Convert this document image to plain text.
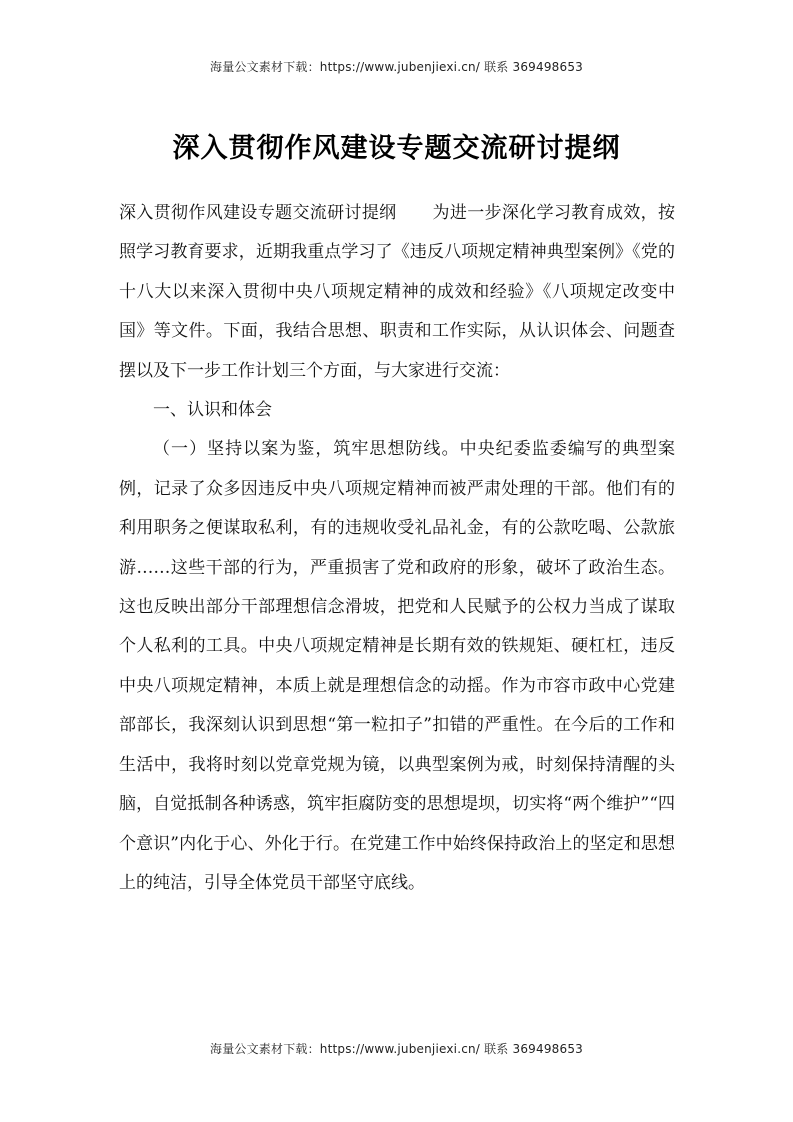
海量公文素材下载：https://www.jubenjiexi.cn/ 联系 369498653
深入贯彻作风建设专题交流研讨提纲

深入贯彻作风建设专题交流研讨提纲 为进一步深化学习教育成效，按照学习教育要求，近期我重点学习了《违反八项规定精神典型案例》《党的十八大以来深入贯彻中央八项规定精神的成效和经验》《八项规定改变中国》等文件。下面，我结合思想、职责和工作实际，从认识体会、问题查摆以及下一步工作计划三个方面，与大家进行交流：

一、认识和体会

（一）坚持以案为鉴，筑牢思想防线。中央纪委监委编写的典型案例，记录了众多因违反中央八项规定精神而被严肃处理的干部。他们有的利用职务之便谋取私利，有的违规收受礼品礼金，有的公款吃喝、公款旅游……这些干部的行为，严重损害了党和政府的形象，破坏了政治生态。这也反映出部分干部理想信念滑坡，把党和人民赋予的公权力当成了谋取个人私利的工具。中央八项规定精神是长期有效的铁规矩、硬杠杠，违反中央八项规定精神，本质上就是理想信念的动摇。作为市容市政中心党建部部长，我深刻认识到思想“第一粒扣子”扣错的严重性。在今后的工作和生活中，我将时刻以党章党规为镜，以典型案例为戒，时刻保持清醒的头脑，自觉抵制各种诱惑，筑牢拒腐防变的思想堤坝，切实将“两个维护”“四个意识”内化于心、外化于行。在党建工作中始终保持政治上的坚定和思想上的纯洁，引导全体党员干部坚守底线。

海量公文素材下载：https://www.jubenjiexi.cn/ 联系 369498653
